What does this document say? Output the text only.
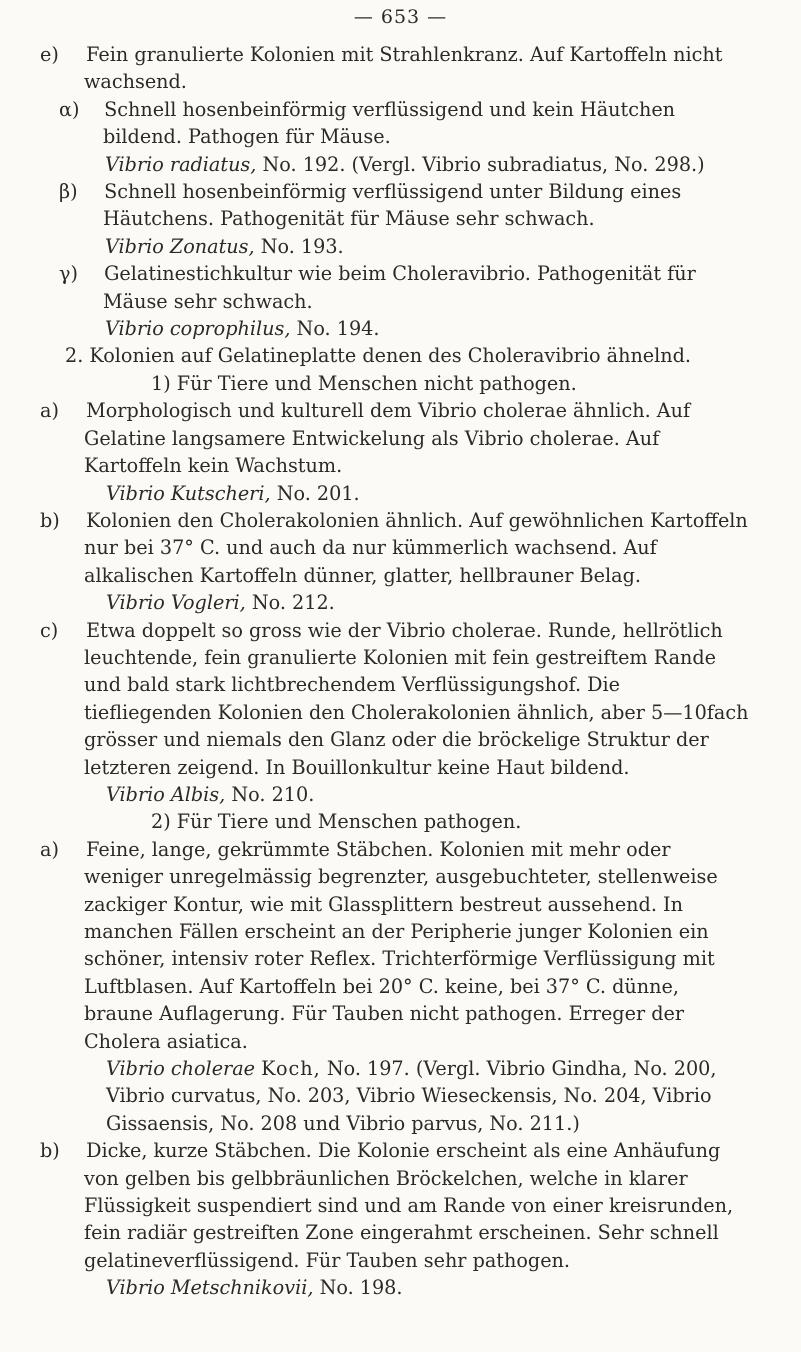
— 653 —

e) Fein granulierte Kolonien mit Strahlenkranz. Auf Kartoffeln nicht wachsend.

α) Schnell hosenbeinförmig verflüssigend und kein Häutchen bildend. Pathogen für Mäuse.

Vibrio radiatus, No. 192. (Vergl. Vibrio subradiatus, No. 298.)

β) Schnell hosenbeinförmig verflüssigend unter Bildung eines Häutchens. Pathogenität für Mäuse sehr schwach.

Vibrio Zonatus, No. 193.

γ) Gelatinestichkultur wie beim Choleravibrio. Pathogenität für Mäuse sehr schwach.

Vibrio coprophilus, No. 194.

2. Kolonien auf Gelatineplatte denen des Choleravibrio ähnelnd.

1) Für Tiere und Menschen nicht pathogen.

a) Morphologisch und kulturell dem Vibrio cholerae ähnlich. Auf Gelatine langsamere Entwickelung als Vibrio cholerae. Auf Kartoffeln kein Wachstum.

Vibrio Kutscheri, No. 201.

b) Kolonien den Cholerakolonien ähnlich. Auf gewöhnlichen Kartoffeln nur bei 37° C. und auch da nur kümmerlich wachsend. Auf alkalischen Kartoffeln dünner, glatter, hellbrauner Belag.

Vibrio Vogleri, No. 212.

c) Etwa doppelt so gross wie der Vibrio cholerae. Runde, hellrötlich leuchtende, fein granulierte Kolonien mit fein gestreiftem Rande und bald stark lichtbrechendem Verflüssigungshof. Die tiefliegenden Kolonien den Cholerakolonien ähnlich, aber 5—10fach grösser und niemals den Glanz oder die bröckelige Struktur der letzteren zeigend. In Bouillonkultur keine Haut bildend.

Vibrio Albis, No. 210.

2) Für Tiere und Menschen pathogen.

a) Feine, lange, gekrümmte Stäbchen. Kolonien mit mehr oder weniger unregelmässig begrenzter, ausgebuchteter, stellenweise zackiger Kontur, wie mit Glassplittern bestreut aussehend. In manchen Fällen erscheint an der Peripherie junger Kolonien ein schöner, intensiv roter Reflex. Trichterförmige Verflüssigung mit Luftblasen. Auf Kartoffeln bei 20° C. keine, bei 37° C. dünne, braune Auflagerung. Für Tauben nicht pathogen. Erreger der Cholera asiatica.

Vibrio cholerae Koch, No. 197. (Vergl. Vibrio Gindha, No. 200, Vibrio curvatus, No. 203, Vibrio Wieseckensis, No. 204, Vibrio Gissaensis, No. 208 und Vibrio parvus, No. 211.)

b) Dicke, kurze Stäbchen. Die Kolonie erscheint als eine Anhäufung von gelben bis gelbbräunlichen Bröckelchen, welche in klarer Flüssigkeit suspendiert sind und am Rande von einer kreisrunden, fein radiär gestreiften Zone eingerahmt erscheinen. Sehr schnell gelatineverflüssigend. Für Tauben sehr pathogen.

Vibrio Metschnikovii, No. 198.
